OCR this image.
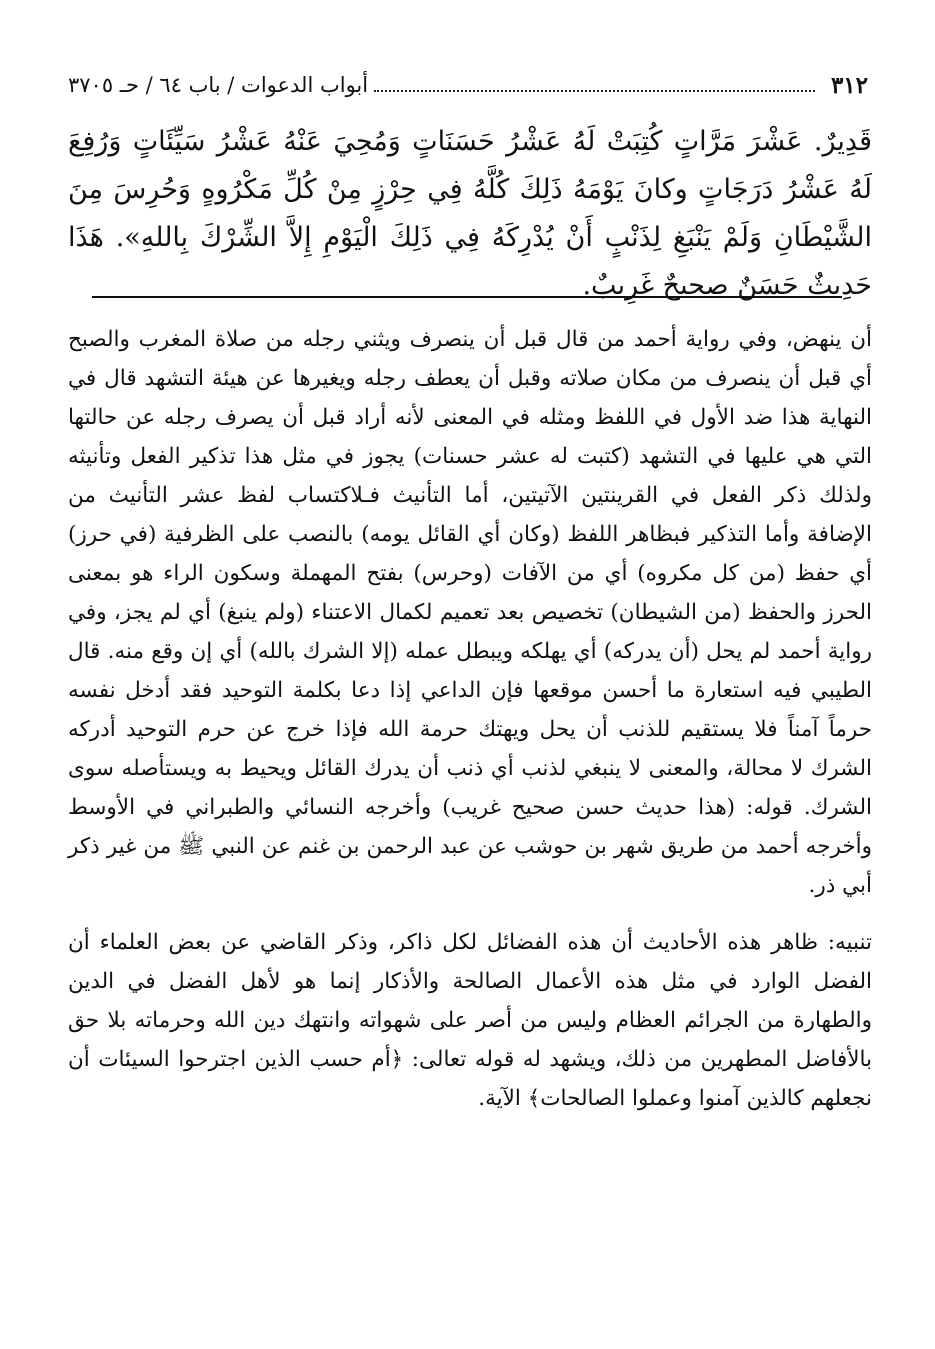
٣١٢
أبواب الدعوات / باب ٦٤ / حـ ٣٧٠٥
قَدِيرٌ. عَشْرَ مَرَّاتٍ كُتِبَتْ لَهُ عَشْرُ حَسَنَاتٍ وَمُحِيَ عَنْهُ عَشْرُ سَيِّئَاتٍ وَرُفِعَ لَهُ عَشْرُ دَرَجَاتٍ وكانَ يَوْمَهُ ذَلِكَ كُلَّهُ فِي حِرْزٍ مِنْ كُلِّ مَكْرُوهٍ وَحُرِسَ مِنَ الشَّيْطَانِ وَلَمْ يَنْبَغِ لِذَنْبٍ أَنْ يُدْرِكَهُ فِي ذَلِكَ الْيَوْمِ إِلاَّ الشِّرْكَ بِاللهِ». هَذَا حَدِيثٌ حَسَنٌ صحيحٌ غَرِيبٌ.

أن ينهض، وفي رواية أحمد من قال قبل أن ينصرف ويثني رجله من صلاة المغرب والصبح أي قبل أن ينصرف من مكان صلاته وقبل أن يعطف رجله ويغيرها عن هيئة التشهد قال في النهاية هذا ضد الأول في اللفظ ومثله في المعنى لأنه أراد قبل أن يصرف رجله عن حالتها التي هي عليها في التشهد (كتبت له عشر حسنات) يجوز في مثل هذا تذكير الفعل وتأنيثه ولذلك ذكر الفعل في القرينتين الآتيتين، أما التأنيث فـلاكتساب لفظ عشر التأنيث من الإضافة وأما التذكير فبظاهر اللفظ (وكان أي القائل يومه) بالنصب على الظرفية (في حرز) أي حفظ (من كل مكروه) أي من الآفات (وحرس) بفتح المهملة وسكون الراء هو بمعنى الحرز والحفظ (من الشيطان) تخصيص بعد تعميم لكمال الاعتناء (ولم ينبغ) أي لم يجز، وفي رواية أحمد لم يحل (أن يدركه) أي يهلكه ويبطل عمله (إلا الشرك بالله) أي إن وقع منه. قال الطيبي فيه استعارة ما أحسن موقعها فإن الداعي إذا دعا بكلمة التوحيد فقد أدخل نفسه حرماً آمناً فلا يستقيم للذنب أن يحل ويهتك حرمة الله فإذا خرج عن حرم التوحيد أدركه الشرك لا محالة، والمعنى لا ينبغي لذنب أي ذنب أن يدرك القائل ويحيط به ويستأصله سوى الشرك. قوله: (هذا حديث حسن صحيح غريب) وأخرجه النسائي والطبراني في الأوسط وأخرجه أحمد من طريق شهر بن حوشب عن عبد الرحمن بن غنم عن النبي ﷺ من غير ذكر أبي ذر.

تنبيه: ظاهر هذه الأحاديث أن هذه الفضائل لكل ذاكر، وذكر القاضي عن بعض العلماء أن الفضل الوارد في مثل هذه الأعمال الصالحة والأذكار إنما هو لأهل الفضل في الدين والطهارة من الجرائم العظام وليس من أصر على شهواته وانتهك دين الله وحرماته بلا حق بالأفاضل المطهرين من ذلك، ويشهد له قوله تعالى: ﴿أم حسب الذين اجترحوا السيئات أن نجعلهم كالذين آمنوا وعملوا الصالحات﴾ الآية.
